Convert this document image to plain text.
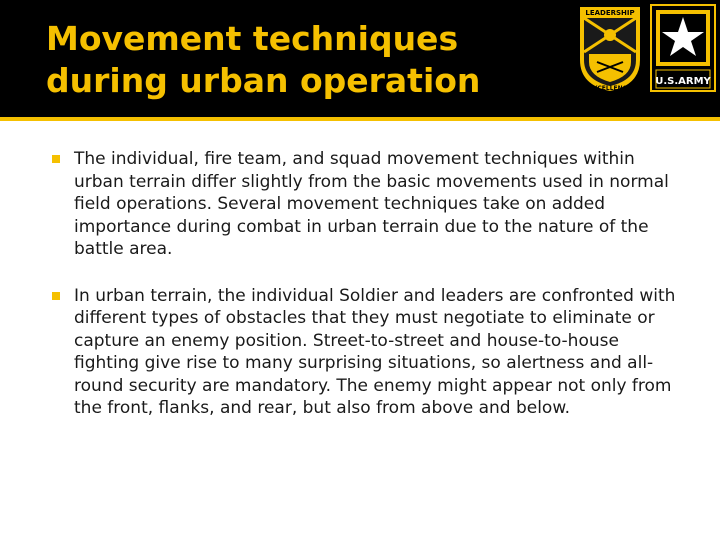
Movement techniques
during urban operation
LEADERSHIP
EXCELLENCE
U.S.ARMY

The individual, fire team, and squad movement techniques within urban terrain differ slightly from the basic movements used in normal field operations. Several movement techniques take on added importance during combat in urban terrain due to the nature of the battle area.

In urban terrain, the individual Soldier and leaders are confronted with different types of obstacles that they must negotiate to eliminate or capture an enemy position. Street-to-street and house-to-house fighting give rise to many surprising situations, so alertness and all-round security are mandatory. The enemy might appear not only from the front, flanks, and rear, but also from above and below.
